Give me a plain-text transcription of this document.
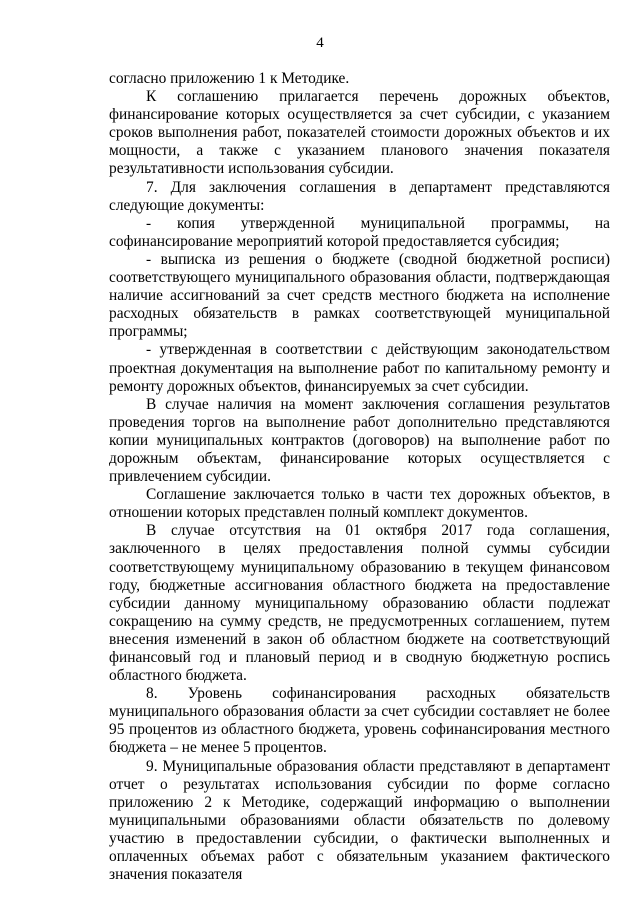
4

согласно приложению 1 к Методике.

К соглашению прилагается перечень дорожных объектов, финансирование которых осуществляется за счет субсидии, с указанием сроков выполнения работ, показателей стоимости дорожных объектов и их мощности, а также с указанием планового значения показателя результативности использования субсидии.

7. Для заключения соглашения в департамент представляются следующие документы:

- копия утвержденной муниципальной программы, на софинансирование мероприятий которой предоставляется субсидия;

- выписка из решения о бюджете (сводной бюджетной росписи) соответствующего муниципального образования области, подтверждающая наличие ассигнований за счет средств местного бюджета на исполнение расходных обязательств в рамках соответствующей муниципальной программы;

- утвержденная в соответствии с действующим законодательством проектная документация на выполнение работ по капитальному ремонту и ремонту дорожных объектов, финансируемых за счет субсидии.

В случае наличия на момент заключения соглашения результатов проведения торгов на выполнение работ дополнительно представляются копии муниципальных контрактов (договоров) на выполнение работ по дорожным объектам, финансирование которых осуществляется с привлечением субсидии.

Соглашение заключается только в части тех дорожных объектов, в отношении которых представлен полный комплект документов.

В случае отсутствия на 01 октября 2017 года соглашения, заключенного в целях предоставления полной суммы субсидии соответствующему муниципальному образованию в текущем финансовом году, бюджетные ассигнования областного бюджета на предоставление субсидии данному муниципальному образованию области подлежат сокращению на сумму средств, не предусмотренных соглашением, путем внесения изменений в закон об областном бюджете на соответствующий финансовый год и плановый период и в сводную бюджетную роспись областного бюджета.

8. Уровень софинансирования расходных обязательств муниципального образования области за счет субсидии составляет не более 95 процентов из областного бюджета, уровень софинансирования местного бюджета – не менее 5 процентов.

9. Муниципальные образования области представляют в департамент отчет о результатах использования субсидии по форме согласно приложению 2 к Методике, содержащий информацию о выполнении муниципальными образованиями области обязательств по долевому участию в предоставлении субсидии, о фактически выполненных и оплаченных объемах работ с обязательным указанием фактического значения показателя
